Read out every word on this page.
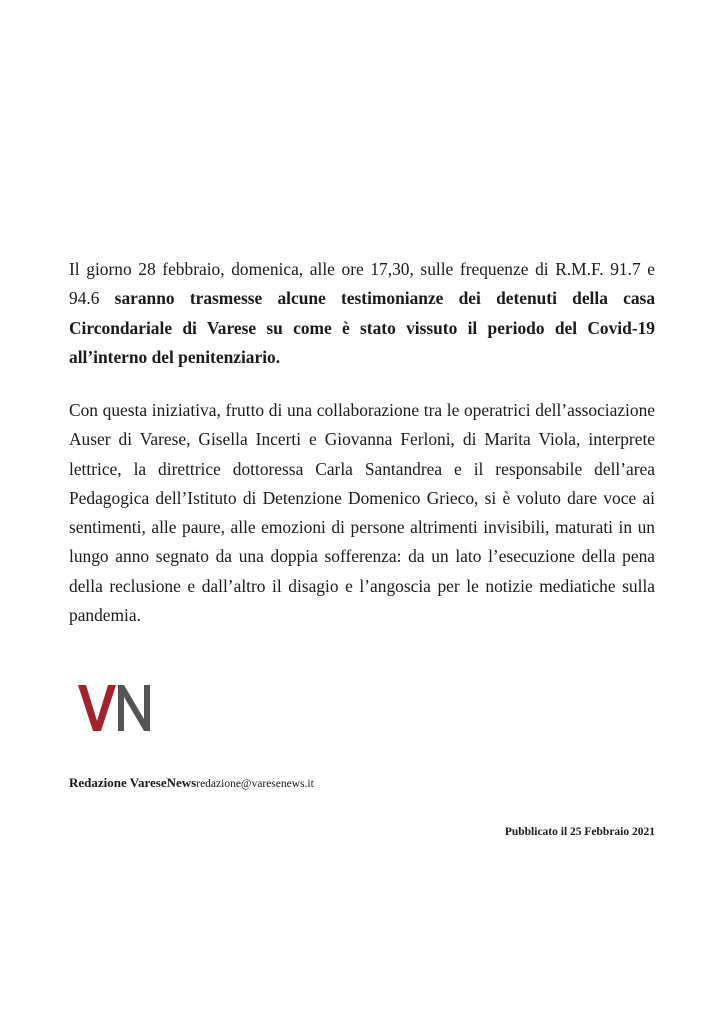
Il giorno 28 febbraio, domenica, alle ore 17,30, sulle frequenze di R.M.F. 91.7 e 94.6 saranno trasmesse alcune testimonianze dei detenuti della casa Circondariale di Varese su come è stato vissuto il periodo del Covid-19 all’interno del penitenziario.

Con questa iniziativa, frutto di una collaborazione tra le operatrici dell’associazione Auser di Varese, Gisella Incerti e Giovanna Ferloni, di Marita Viola, interprete lettrice, la direttrice dottoressa Carla Santandrea e il responsabile dell’area Pedagogica dell’Istituto di Detenzione Domenico Grieco, si è voluto dare voce ai sentimenti, alle paure, alle emozioni di persone altrimenti invisibili, maturati in un lungo anno segnato da una doppia sofferenza: da un lato l’esecuzione della pena della reclusione e dall’altro il disagio e l’angoscia per le notizie mediatiche sulla pandemia.

Redazione VareseNewsredazione@varesenews.it
Pubblicato il 25 Febbraio 2021
